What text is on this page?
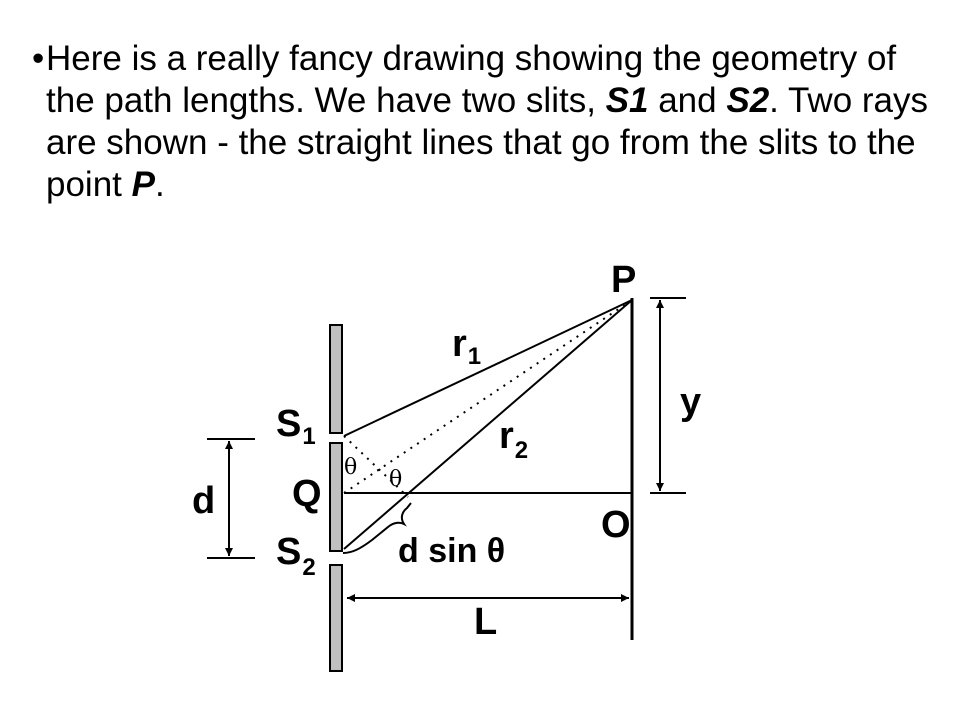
• Here is a really fancy drawing showing the geometry of the path lengths. We have two slits, S1 and S2. Two rays are shown - the straight lines that go from the slits to the point P.
P
$r_1$
$r_2$
y
$S_1$
Q
$S_2$
O
d
d sin θ
θ θ
L
